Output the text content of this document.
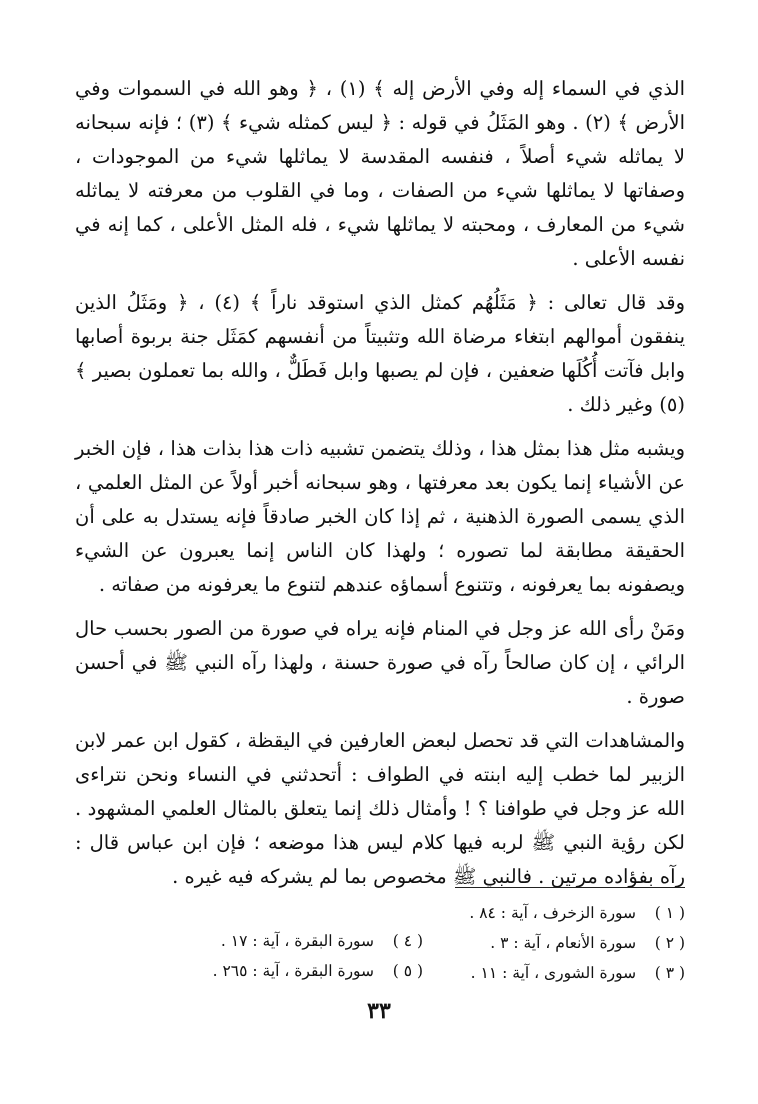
الذي في السماء إله وفي الأرض إله ﴾ (١) ، ﴿ وهو الله في السموات وفي الأرض ﴾ (٢) . وهو المَثَلُ في قوله : ﴿ ليس كمثله شيء ﴾ (٣) ؛ فإنه سبحانه لا يماثله شيء أصلاً ، فنفسه المقدسة لا يماثلها شيء من الموجودات ، وصفاتها لا يماثلها شيء من الصفات ، وما في القلوب من معرفته لا يماثله شيء من المعارف ، ومحبته لا يماثلها شيء ، فله المثل الأعلى ، كما إنه في نفسه الأعلى .

وقد قال تعالى : ﴿ مَثَلُهُم كمثل الذي استوقد ناراً ﴾ (٤) ، ﴿ ومَثَلُ الذين ينفقون أموالهم ابتغاء مرضاة الله وتثبيتاً من أنفسهم كمَثَل جنة بربوة أصابها وابل فآتت أُكُلَها ضعفين ، فإن لم يصبها وابل فَطَلٌّ ، والله بما تعملون بصير ﴾ (٥) وغير ذلك .

ويشبه مثل هذا بمثل هذا ، وذلك يتضمن تشبيه ذات هذا بذات هذا ، فإن الخبر عن الأشياء إنما يكون بعد معرفتها ، وهو سبحانه أخبر أولاً عن المثل العلمي ، الذي يسمى الصورة الذهنية ، ثم إذا كان الخبر صادقاً فإنه يستدل به على أن الحقيقة مطابقة لما تصوره ؛ ولهذا كان الناس إنما يعبرون عن الشيء ويصفونه بما يعرفونه ، وتتنوع أسماؤه عندهم لتنوع ما يعرفونه من صفاته .

ومَنْ رأى الله عز وجل في المنام فإنه يراه في صورة من الصور بحسب حال الرائي ، إن كان صالحاً رآه في صورة حسنة ، ولهذا رآه النبي ﷺ في أحسن صورة .

والمشاهدات التي قد تحصل لبعض العارفين في اليقظة ، كقول ابن عمر لابن الزبير لما خطب إليه ابنته في الطواف : أتحدثني في النساء ونحن نتراءى الله عز وجل في طوافنا ؟ ! وأمثال ذلك إنما يتعلق بالمثال العلمي المشهود . لكن رؤية النبي ﷺ لربه فيها كلام ليس هذا موضعه ؛ فإن ابن عباس قال : رآه بفؤاده مرتين . فالنبي ﷺ مخصوص بما لم يشركه فيه غيره .

( ١ ) سورة الزخرف ، آية : ٨٤ .
( ٢ ) سورة الأنعام ، آية : ٣ .
( ٣ ) سورة الشورى ، آية : ١١ .
( ٤ ) سورة البقرة ، آية : ١٧ .
( ٥ ) سورة البقرة ، آية : ٢٦٥ .
٣٣
